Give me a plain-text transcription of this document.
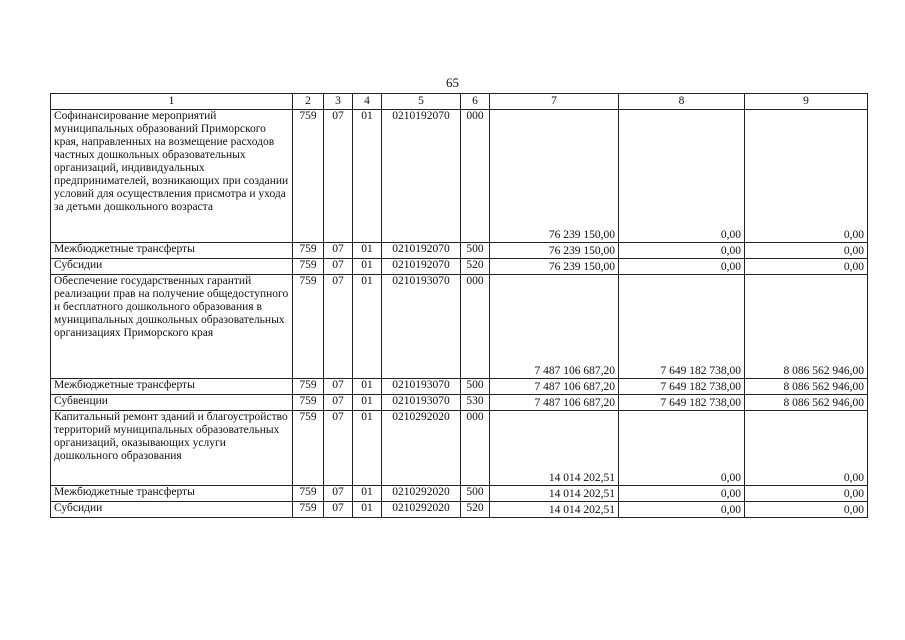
65
1	2	3	4	5	6	7	8	9
Софинансирование мероприятий муниципальных образований Приморского края, направленных на возмещение расходов частных дошкольных образовательных организаций, индивидуальных предпринимателей, возникающих при создании условий для осуществления присмотра и ухода за детьми дошкольного возраста	759	07	01	0210192070	000	76 239 150,00	0,00	0,00
Межбюджетные трансферты	759	07	01	0210192070	500	76 239 150,00	0,00	0,00
Субсидии	759	07	01	0210192070	520	76 239 150,00	0,00	0,00
Обеспечение государственных гарантий реализации прав на получение общедоступного и бесплатного дошкольного образования в муниципальных дошкольных образовательных организациях Приморского края	759	07	01	0210193070	000	7 487 106 687,20	7 649 182 738,00	8 086 562 946,00
Межбюджетные трансферты	759	07	01	0210193070	500	7 487 106 687,20	7 649 182 738,00	8 086 562 946,00
Субвенции	759	07	01	0210193070	530	7 487 106 687,20	7 649 182 738,00	8 086 562 946,00
Капитальный ремонт зданий и благоустройство территорий муниципальных образовательных организаций, оказывающих услуги дошкольного образования	759	07	01	0210292020	000	14 014 202,51	0,00	0,00
Межбюджетные трансферты	759	07	01	0210292020	500	14 014 202,51	0,00	0,00
Субсидии	759	07	01	0210292020	520	14 014 202,51	0,00	0,00
